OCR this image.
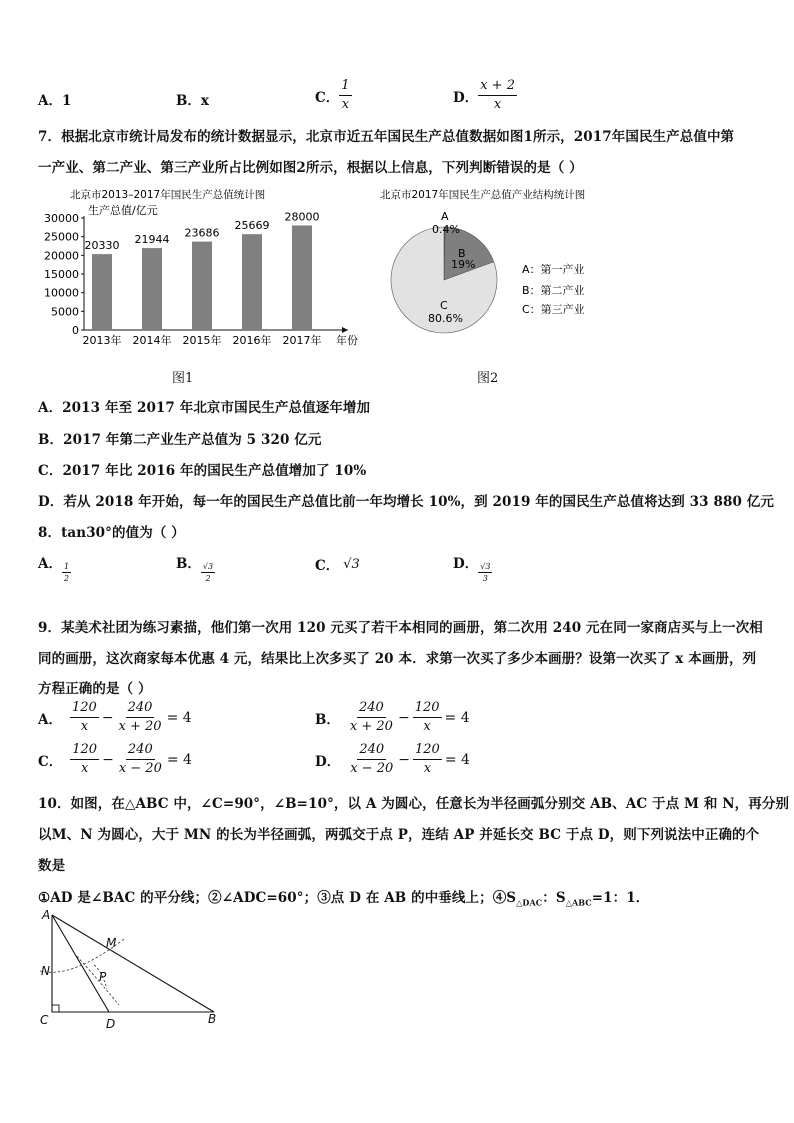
A．1	B．x	C． $\frac{1}{x}$	D． $\frac{x + 2}{x}$
7．根据北京市统计局发布的统计数据显示，北京市近五年国民生产总值数据如图1所示，2017年国民生产总值中第
一产业、第二产业、第三产业所占比例如图2所示，根据以上信息，下列判断错误的是（ ）
北京市2013–2017年国民生产总值统计图
生产总值/亿元
0
5000
10000
15000
20000
25000
30000
20330 21944
23686
25669
28000
2013年 2014年 2015年 2016年 2017年 年份
北京市2017年国民生产总值产业结构统计图
A
0.4%
B
19%
C
80.6%
A：第一产业
B：第二产业
C：第三产业
图1	图2
A．2013 年至 2017 年北京市国民生产总值逐年增加
B．2017 年第二产业生产总值为 5 320 亿元
C．2017 年比 2016 年的国民生产总值增加了 10%
D．若从 2018 年开始，每一年的国民生产总值比前一年均增长 10%，到 2019 年的国民生产总值将达到 33 880 亿元
8．tan30°的值为（ ）
A． $\frac{1}{2}$	B． $\frac{√3}{2}$	C． √3	D． $\frac{√3}{3}$
9．某美术社团为练习素描，他们第一次用 120 元买了若干本相同的画册，第二次用 240 元在同一家商店买与上一次相
同的画册，这次商家每本优惠 4 元，结果比上次多买了 20 本．求第一次买了多少本画册？设第一次买了 x 本画册，列
方程正确的是（ ）
A． $\frac{120}{x} - \frac{240}{x + 20} = 4$	B． $\frac{240}{x + 20} - \frac{120}{x} = 4$
C． $\frac{120}{x} - \frac{240}{x - 20} = 4$	D． $\frac{240}{x - 20} - \frac{120}{x} = 4$
10．如图，在△ABC 中，∠C=90°，∠B=10°，以 A 为圆心，任意长为半径画弧分别交 AB、AC 于点 M 和 N，再分别
以M、N 为圆心，大于 MN 的长为半径画弧，两弧交于点 P，连结 AP 并延长交 BC 于点 D，则下列说法中正确的个
数是
①AD 是∠BAC 的平分线；②∠ADC=60°；③点 D 在 AB 的中垂线上；$④S_{\triangle DAC}$：$S_{\triangle ABC}=1$：1．
A
C	D	B
M
N	P
